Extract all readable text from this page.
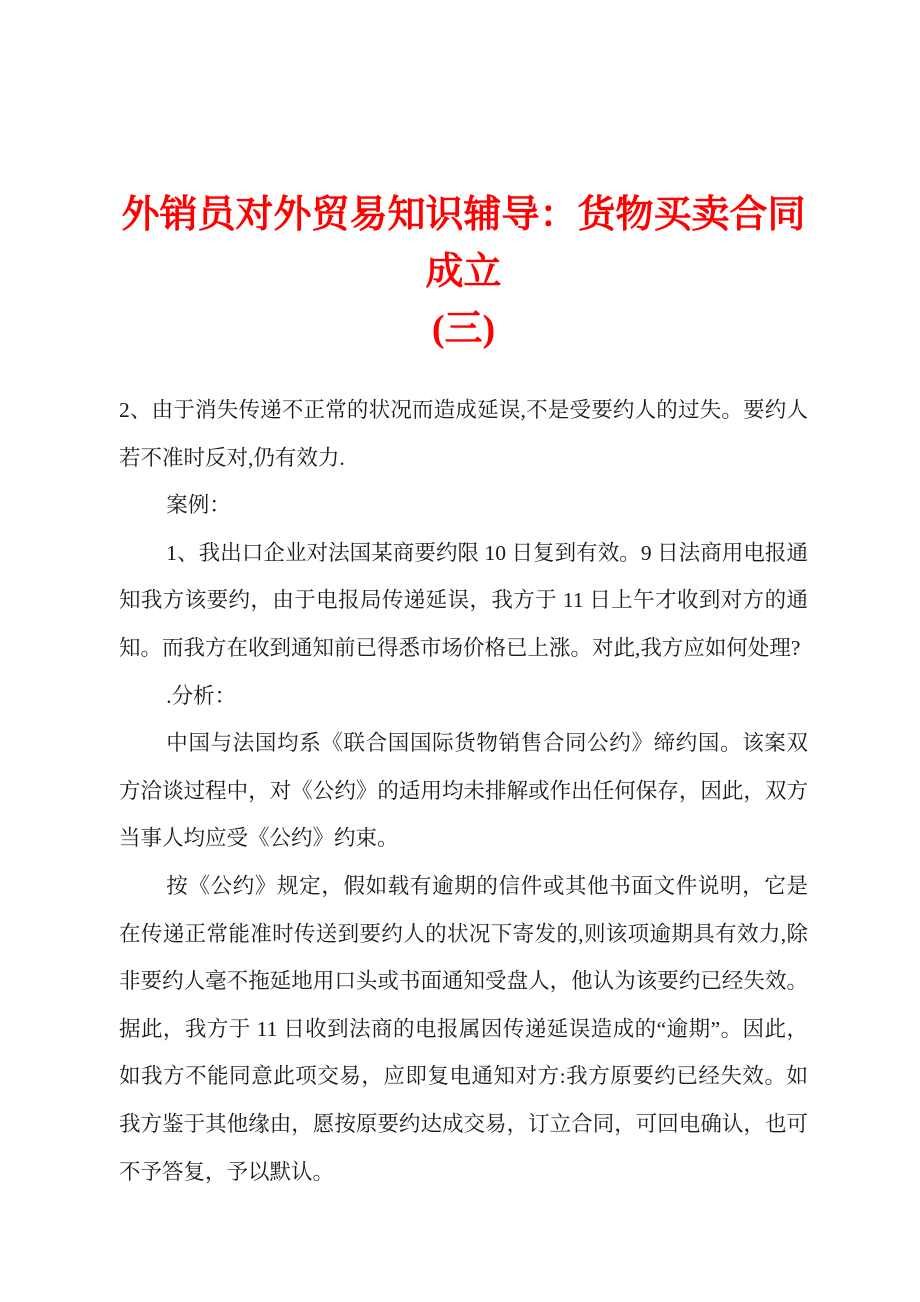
外销员对外贸易知识辅导：货物买卖合同成立
(三)

2、由于消失传递不正常的状况而造成延误,不是受要约人的过失。要约人若不准时反对,仍有效力.

案例：

1、我出口企业对法国某商要约限 10 日复到有效。9 日法商用电报通知我方该要约，由于电报局传递延误，我方于 11 日上午才收到对方的通知。而我方在收到通知前已得悉市场价格已上涨。对此,我方应如何处理?

.分析：

中国与法国均系《联合国国际货物销售合同公约》缔约国。该案双方洽谈过程中，对《公约》的适用均未排解或作出任何保存，因此，双方当事人均应受《公约》约束。

按《公约》规定，假如载有逾期的信件或其他书面文件说明，它是在传递正常能准时传送到要约人的状况下寄发的,则该项逾期具有效力,除非要约人毫不拖延地用口头或书面通知受盘人，他认为该要约已经失效。据此，我方于 11 日收到法商的电报属因传递延误造成的“逾期”。因此，如我方不能同意此项交易，应即复电通知对方:我方原要约已经失效。如我方鉴于其他缘由，愿按原要约达成交易，订立合同，可回电确认，也可不予答复，予以默认。
